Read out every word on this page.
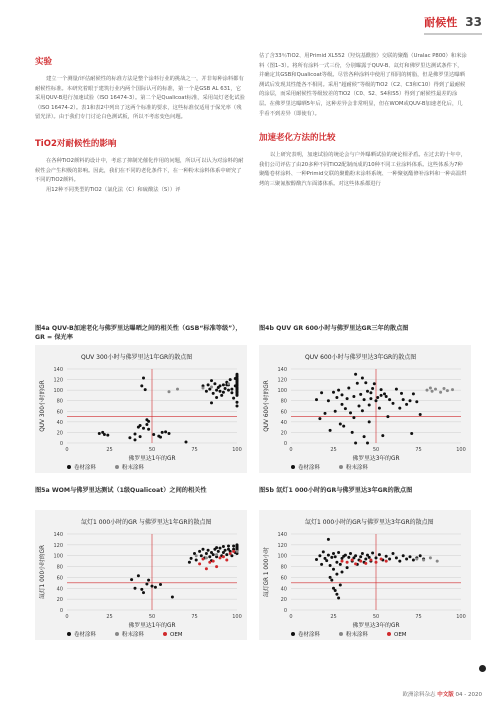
耐候性 33
实验

建立一个测量/评估耐候性的标准方法是整个涂料行业的挑战之一，并非每种涂料都有耐候性标准。本研究着眼于建筑行业内两个国际认可的标准，第一个是GSB AL 631，它采用QUV-B进行加速试验（ISO 16474-3）。第二个是Qualicoat标准，采用氙灯老化试验（ISO 16474-2）。表1和表2中列出了这两个标准的要求，这些标准仅适用于保光率（残留光泽）。由于我们专门讨论白色测试板，所以不考虑变色问题。

TiO2对耐候性的影响

在各种TiO2颜料的设计中，考虑了抑制光催化作用的问题，所以可以认为对涂料的耐候性会产生积极的影响。因此，我们在不同的老化条件下，在一种粉末涂料体系中研究了不同的TiO2颜料。

用12种不同类型的TiO2（氯化法（C）和硫酸法（S））评

估了含33％TiO2、用Primid XL552（羟烷基酰胺）交联的聚酯（Uralac P800）和米涂料（图1–3）。将所有涂料一式三份，分别曝露于QUV-B、氙灯和佛罗里达测试条件下，并确定其GSB和Qualicoat等级。尽管各种涂料中使用了相同的树脂，但是佛罗里达曝晒测试后发现其性能各不相同。采用“超耐候”等级的TiO2（C2、C3和C10）得到了最耐候的涂层，而采用耐候性等级较差的TiO2（C0、S2、S4和S5）得到了耐候性最差的涂层。在佛罗里达曝晒5年后，这种差异会非常明显，但在WOM或QUV-B加速老化后，几乎看不到差异（即使有）。

加速老化方法的比较

以上研究表明，加速试验的统论会与户外曝晒试验的统论相矛盾。在过去的十年中，我们公司评估了由20多种不同TiO2配制而成的10种不同工业涂料体系。这些体系为7种聚酯卷材涂料、一种Primid交联的聚酯粉末涂料系统、一种聚氨酯修补涂料和一种高温烘烤的三聚氰胺醇酸汽车面漆体系。对这些体系都进行

图4a QUV-B加速老化与佛罗里达曝晒之间的相关性（GSB“标准等级”），GR = 保光率
图4b QUV GR 600小时与佛罗里达GR三年的散点图
图5a WOM与佛罗里达测试（1级Qualicoat）之间的相关性	图5b 氙灯1 000小时的GR与佛罗里达3年GR的散点图
QUV 300小时与佛罗里达1年GR的散点图
0
20
40
60
80
100
120
140
0	25	50	75	100
佛罗里达1年的GR
QUV 300小时的GR
卷材涂料	粉末涂料
QUV 600小时与佛罗里达3年GR的散点图
0
20
40
60
80
100
120
140
0	25	50	75	100
佛罗里达3年的GR
QUV 600小时的GR
卷材涂料	粉末涂料
氙灯1 000小时的GR 与佛罗里达1年GR的散点图
0
20
40
60
80
100
120
140
0	25	50	75	100
佛罗里达1年的GR
氙灯1 000小时的GR
卷材涂料	粉末涂料	OEM
氙灯1 000小时的GR与佛罗里达3年GR的散点图
0
20
40
60
80
100
120
140
0	25	50	75	100
佛罗里达3年的GR
氙灯GR 1 000小时
卷材涂料	粉末涂料	OEM
欧洲涂料杂志 中文版 04 - 2020
